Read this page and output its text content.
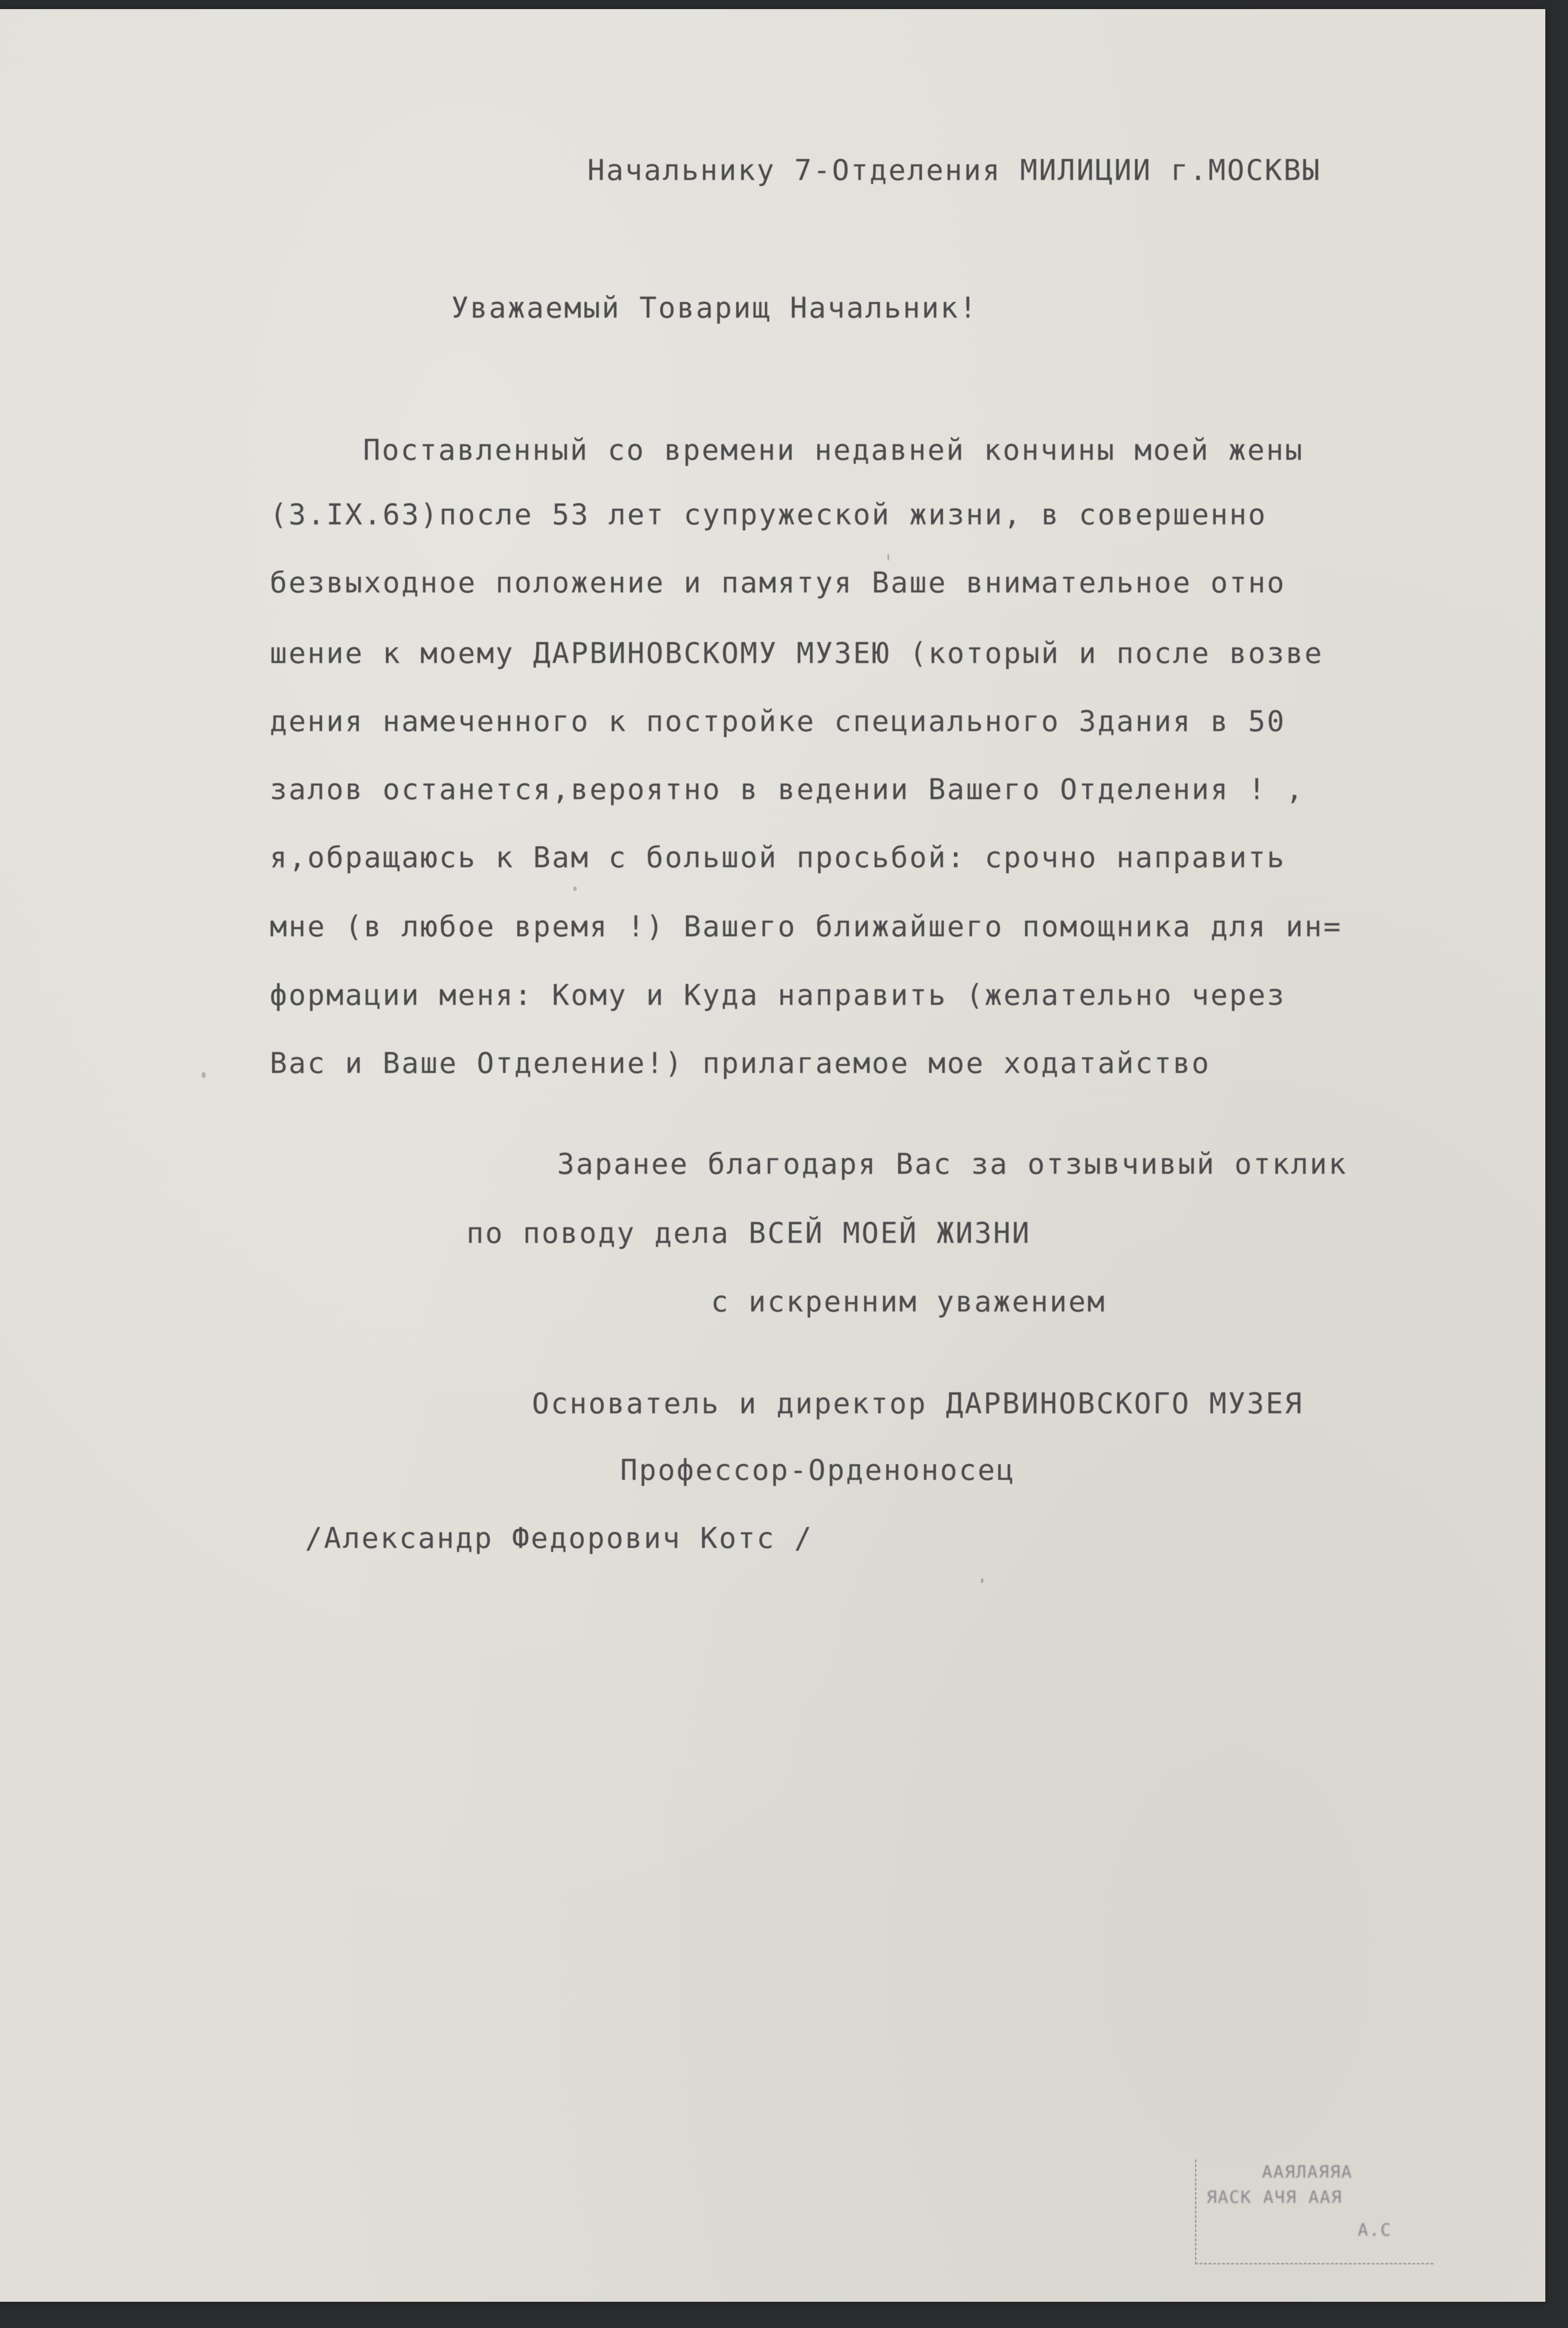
Начальнику 7-Отделения МИЛИЦИИ г.МОСКВЫ
Уважаемый Товарищ Начальник!
Поставленный со времени недавней кончины моей жены
(3.IX.63)после 53 лет супружеской жизни, в совершенно
безвыходное положение и памятуя Ваше внимательное отно
шение к моему ДАРВИНОВСКОМУ МУЗЕЮ (который и после возве
дения намеченного к постройке специального Здания в 50
залов останется,вероятно в ведении Вашего Отделения ! ,
я,обращаюсь к Вам с большой просьбой: срочно направить
мне (в любое время !) Вашего ближайшего помощника для ин=
формации меня: Кому и Куда направить (желательно через
Вас и Ваше Отделение!) прилагаемое мое ходатайство
Заранее благодаря Вас за отзывчивый отклик
по поводу дела ВСЕЙ МОЕЙ ЖИЗНИ
с искренним уважением
Основатель и директор ДАРВИНОВСКОГО МУЗЕЯ
Профессор-Орденоносец
/Александр Федорович Котс /
ААЯЛАЯЯА
ЯАСК АЧЯ ААЯ
А.С
